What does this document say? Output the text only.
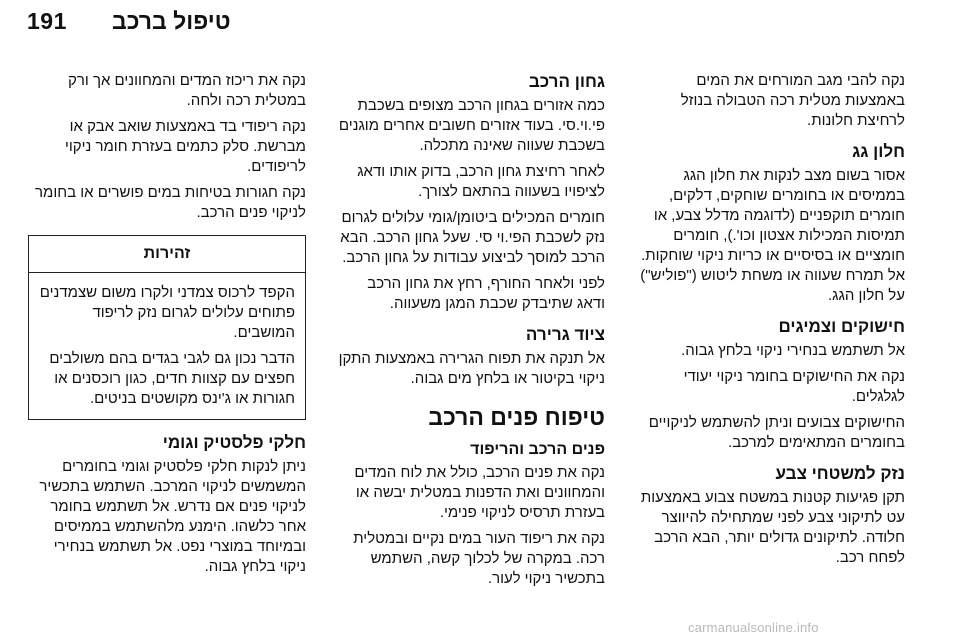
191 טיפול ברכב

נקה להבי מגב המורחים את המים באמצעות מטלית רכה הטבולה בנוזל לרחיצת חלונות.

חלון גג

אסור בשום מצב לנקות את חלון הגג בממיסים או בחומרים שוחקים, דלקים, חומרים תוקפניים (לדוגמה מדלל צבע, או תמיסות המכילות אצטון וכו'.), חומרים חומציים או בסיסיים או כריות ניקוי שוחקות. אל תמרח שעווה או משחת ליטוש ("פוליש") על חלון הגג.

חישוקים וצמיגים

אל תשתמש בנחירי ניקוי בלחץ גבוה.

נקה את החישוקים בחומר ניקוי יעודי לגלגלים.

החישוקים צבועים וניתן להשתמש לניקויים בחומרים המתאימים למרכב.

נזק למשטחי צבע

תקן פגיעות קטנות במשטח צבוע באמצעות עט לתיקוני צבע לפני שמתחילה להיווצר חלודה. לתיקונים גדולים יותר, הבא הרכב לפחח רכב.

גחון הרכב

כמה אזורים בגחון הרכב מצופים בשכבת פי.וי.סי. בעוד אזורים חשובים אחרים מוגנים בשכבת שעווה שאינה מתכלה.

לאחר רחיצת גחון הרכב, בדוק אותו ודאג לציפויו בשעווה בהתאם לצורך.

חומרים המכילים ביטומן/גומי עלולים לגרום נזק לשכבת הפי.וי סי. שעל גחון הרכב. הבא הרכב למוסך לביצוע עבודות על גחון הרכב.

לפני ולאחר החורף, רחץ את גחון הרכב ודאג שתיבדק שכבת המגן משעווה.

ציוד גרירה

אל תנקה את תפוח הגרירה באמצעות התקן ניקוי בקיטור או בלחץ מים גבוה.

טיפוח פנים הרכב
פנים הרכב והריפוד

נקה את פנים הרכב, כולל את לוח המדים והמחוונים ואת הדפנות במטלית יבשה או בעזרת תרסיס לניקוי פנימי.

נקה את ריפוד העור במים נקיים ובמטלית רכה. במקרה של לכלוך קשה, השתמש בתכשיר ניקוי לעור.

נקה את ריכוז המדים והמחוונים אך ורק במטלית רכה ולחה.

נקה ריפודי בד באמצעות שואב אבק או מברשת. סלק כתמים בעזרת חומר ניקוי לריפודים.

נקה חגורות בטיחות במים פושרים או בחומר לניקוי פנים הרכב.

זהירות

הקפד לרכוס צמדני ולקרו משום שצמדנים פתוחים עלולים לגרום נזק לריפוד המושבים.

הדבר נכון גם לגבי בגדים בהם משולבים חפצים עם קצוות חדים, כגון רוכסנים או חגורות או ג'ינס מקושטים בניטים.

חלקי פלסטיק וגומי

ניתן לנקות חלקי פלסטיק וגומי בחומרים המשמשים לניקוי המרכב. השתמש בתכשיר לניקוי פנים אם נדרש. אל תשתמש בחומר אחר כלשהו. הימנע מלהשתמש בממיסים ובמיוחד במוצרי נפט. אל תשתמש בנחירי ניקוי בלחץ גבוה.

carmanualsonline.info
